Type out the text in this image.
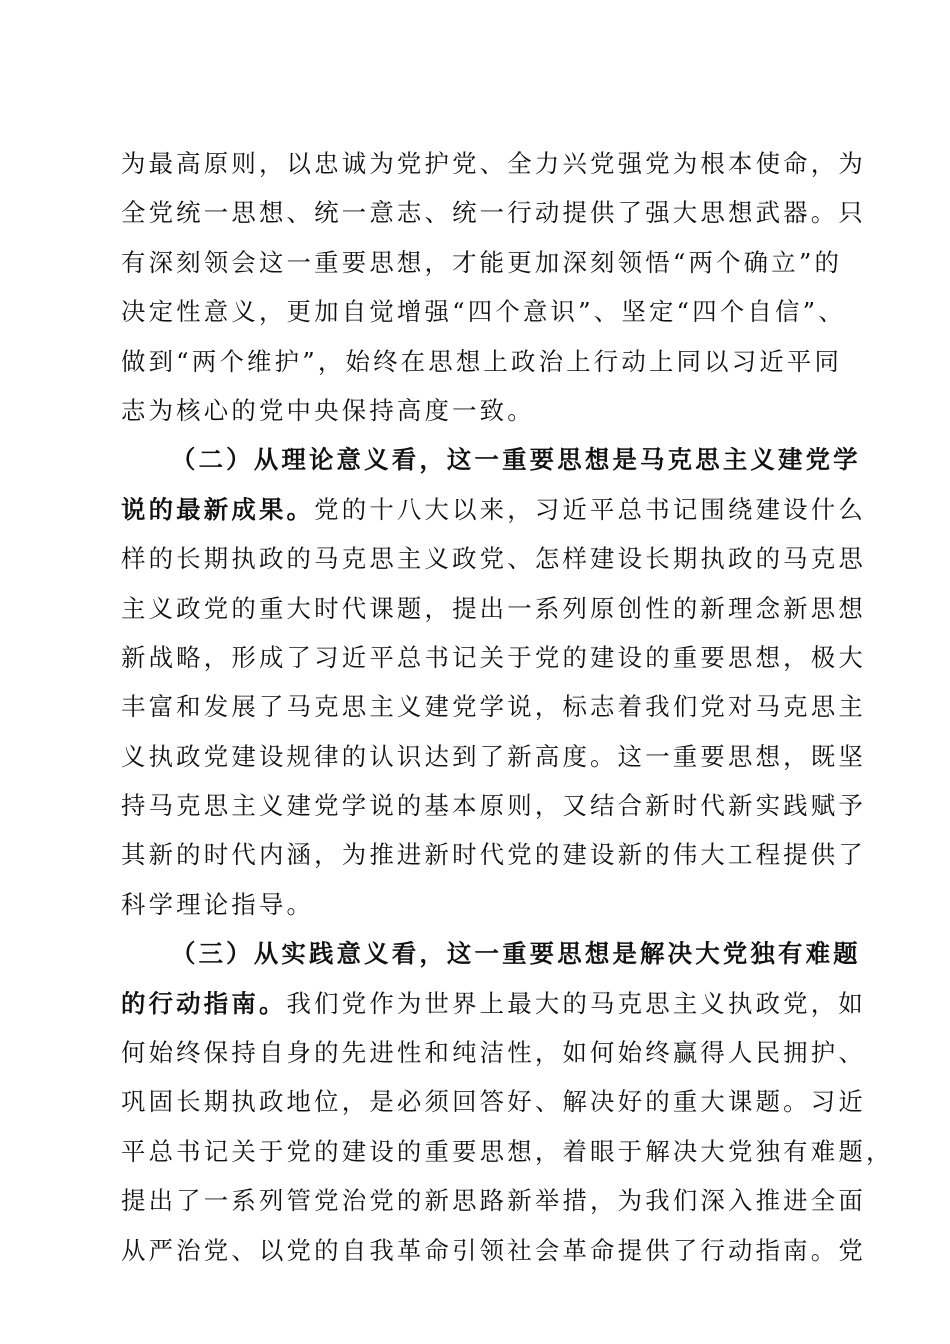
为最高原则，以忠诚为党护党、全力兴党强党为根本使命，为
全党统一思想、统一意志、统一行动提供了强大思想武器。只
有深刻领会这一重要思想，才能更加深刻领悟“两个确立”的
决定性意义，更加自觉增强“四个意识”、坚定“四个自信”、
做到“两个维护”，始终在思想上政治上行动上同以习近平同
志为核心的党中央保持高度一致。
（二）从理论意义看，这一重要思想是马克思主义建党学
说的最新成果。党的十八大以来，习近平总书记围绕建设什么
样的长期执政的马克思主义政党、怎样建设长期执政的马克思
主义政党的重大时代课题，提出一系列原创性的新理念新思想
新战略，形成了习近平总书记关于党的建设的重要思想，极大
丰富和发展了马克思主义建党学说，标志着我们党对马克思主
义执政党建设规律的认识达到了新高度。这一重要思想，既坚
持马克思主义建党学说的基本原则，又结合新时代新实践赋予
其新的时代内涵，为推进新时代党的建设新的伟大工程提供了
科学理论指导。
（三）从实践意义看，这一重要思想是解决大党独有难题
的行动指南。我们党作为世界上最大的马克思主义执政党，如
何始终保持自身的先进性和纯洁性，如何始终赢得人民拥护、
巩固长期执政地位，是必须回答好、解决好的重大课题。习近
平总书记关于党的建设的重要思想，着眼于解决大党独有难题，
提出了一系列管党治党的新思路新举措，为我们深入推进全面
从严治党、以党的自我革命引领社会革命提供了行动指南。党
